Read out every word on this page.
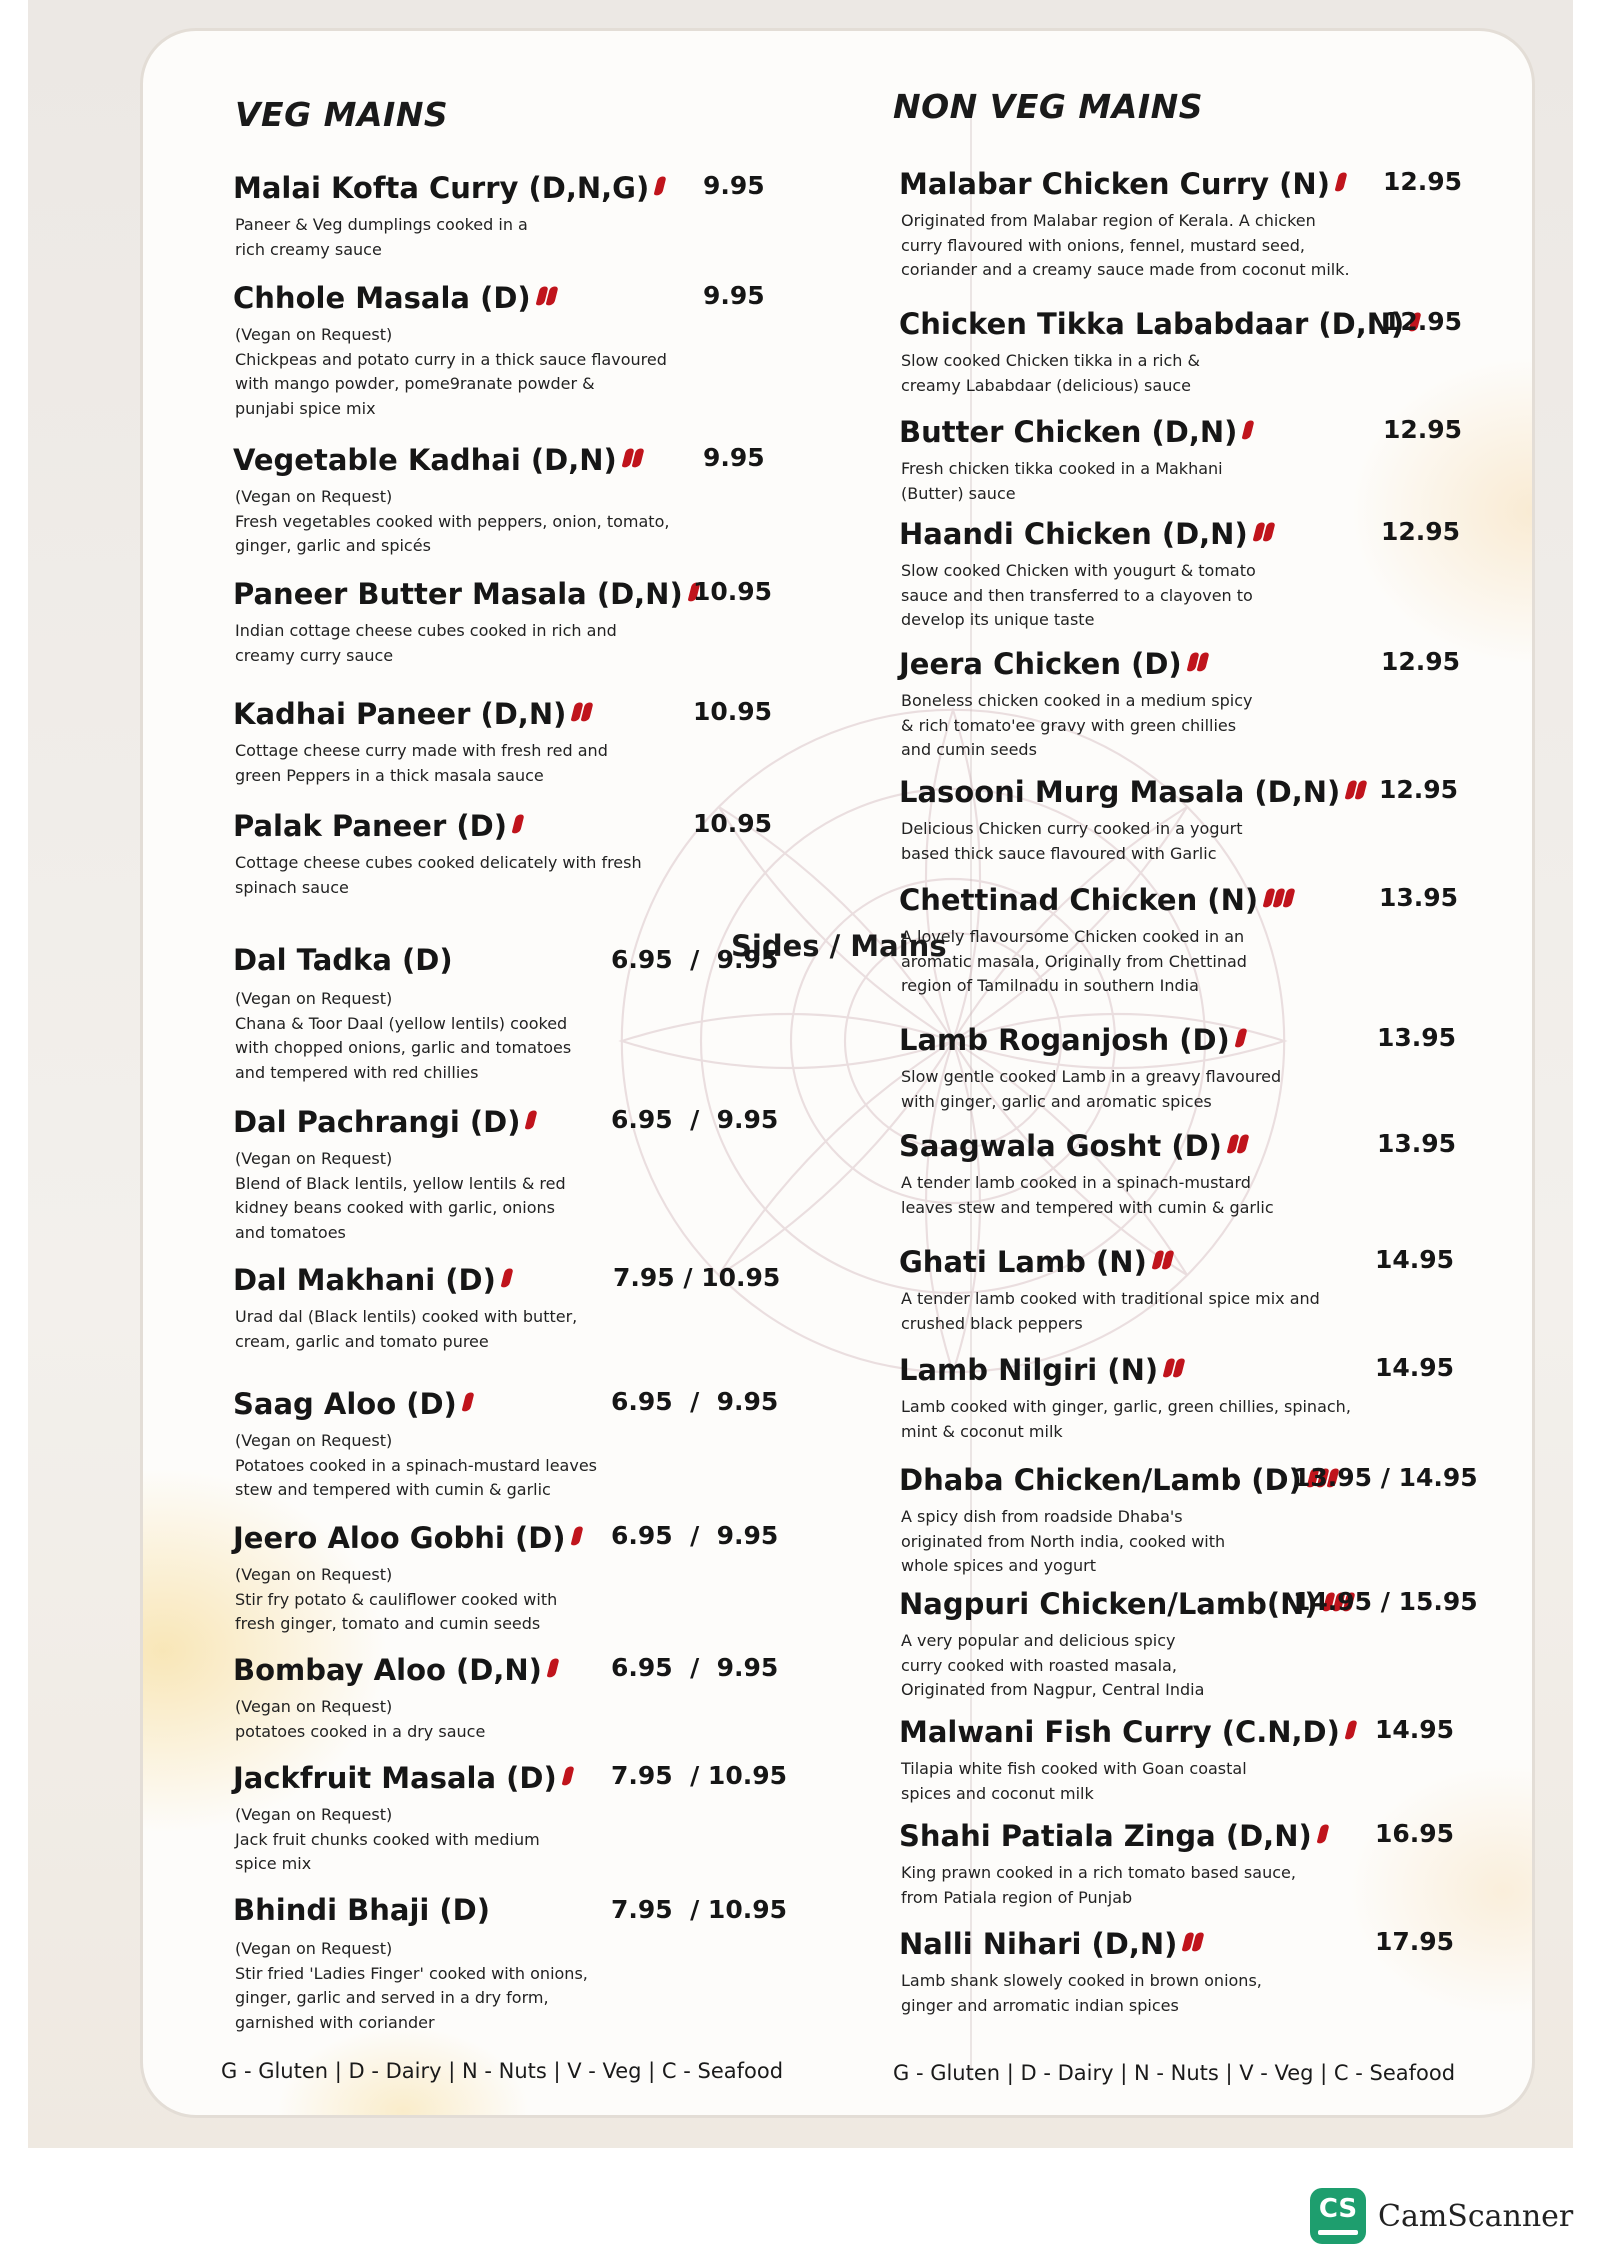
VEG MAINS	NON VEG MAINS
Sides / Mains
Malai Kofta Curry (D,N,G)	9.95
Paneer & Veg dumplings cooked in a
rich creamy sauce
Chhole Masala (D)	9.95
(Vegan on Request)
Chickpeas and potato curry in a thick sauce flavoured
with mango powder, pome9ranate powder &
punjabi spice mix
Vegetable Kadhai (D,N)	9.95
(Vegan on Request)
Fresh vegetables cooked with peppers, onion, tomato,
ginger, garlic and spicés
Paneer Butter Masala (D,N) 10.95
Indian cottage cheese cubes cooked in rich and
creamy curry sauce
Kadhai Paneer (D,N)	10.95
Cottage cheese curry made with fresh red and
green Peppers in a thick masala sauce
Palak Paneer (D)	10.95
Cottage cheese cubes cooked delicately with fresh
spinach sauce
Dal Tadka (D)	6.95  /  9.95
(Vegan on Request)
Chana & Toor Daal (yellow lentils) cooked
with chopped onions, garlic and tomatoes
and tempered with red chillies
Dal Pachrangi (D)	6.95  /  9.95
(Vegan on Request)
Blend of Black lentils, yellow lentils & red
kidney beans cooked with garlic, onions
and tomatoes
Dal Makhani (D)	7.95 / 10.95
Urad dal (Black lentils) cooked with butter,
cream, garlic and tomato puree
Saag Aloo (D)	6.95  /  9.95
(Vegan on Request)
Potatoes cooked in a spinach-mustard leaves
stew and tempered with cumin & garlic
Jeero Aloo Gobhi (D)	6.95  /  9.95
(Vegan on Request)
Stir fry potato & cauliflower cooked with
fresh ginger, tomato and cumin seeds
Bombay Aloo (D,N)	6.95  /  9.95
(Vegan on Request)
potatoes cooked in a dry sauce
Jackfruit Masala (D)	7.95  / 10.95
(Vegan on Request)
Jack fruit chunks cooked with medium
spice mix
Bhindi Bhaji (D)	7.95  / 10.95
(Vegan on Request)
Stir fried 'Ladies Finger' cooked with onions,
ginger, garlic and served in a dry form,
garnished with coriander
Malabar Chicken Curry (N)	12.95
Originated from Malabar region of Kerala. A chicken
curry flavoured with onions, fennel, mustard seed,
coriander and a creamy sauce made from coconut milk.
Chicken Tikka Lababdaar (D,N)
12.95
Slow cooked Chicken tikka in a rich &
creamy Lababdaar (delicious) sauce
Butter Chicken (D,N)	12.95
Fresh chicken tikka cooked in a Makhani
(Butter) sauce
Haandi Chicken (D,N)	12.95
Slow cooked Chicken with yougurt & tomato
sauce and then transferred to a clayoven to
develop its unique taste
Jeera Chicken (D)	12.95
Boneless chicken cooked in a medium spicy
& rich tomato'ee gravy with green chillies
and cumin seeds
Lasooni Murg Masala (D,N)	12.95
Delicious Chicken curry cooked in a yogurt
based thick sauce flavoured with Garlic
Chettinad Chicken (N)	13.95
A lovely flavoursome Chicken cooked in an
aromatic masala, Originally from Chettinad
region of Tamilnadu in southern India
Lamb Roganjosh (D)	13.95
Slow gentle cooked Lamb in a greavy flavoured
with ginger, garlic and aromatic spices
Saagwala Gosht (D)	13.95
A tender lamb cooked in a spinach-mustard
leaves stew and tempered with cumin & garlic
Ghati Lamb (N)	14.95
A tender lamb cooked with traditional spice mix and
crushed black peppers
Lamb Nilgiri (N)	14.95
Lamb cooked with ginger, garlic, green chillies, spinach,
mint & coconut milk
Dhaba Chicken/Lamb (D)
13.95 / 14.95
A spicy dish from roadside Dhaba's
originated from North india, cooked with
whole spices and yogurt
Nagpuri Chicken/Lamb(N)
14.95 / 15.95
A very popular and delicious spicy
curry cooked with roasted masala,
Originated from Nagpur, Central India
Malwani Fish Curry (C.N,D)	14.95
Tilapia white fish cooked with Goan coastal
spices and coconut milk
Shahi Patiala Zinga (D,N)	16.95
King prawn cooked in a rich tomato based sauce,
from Patiala region of Punjab
Nalli Nihari (D,N)	17.95
Lamb shank slowely cooked in brown onions,
ginger and arromatic indian spices
G - Gluten | D - Dairy | N - Nuts | V - Veg | C - Seafood	G - Gluten | D - Dairy | N - Nuts | V - Veg | C - Seafood
CS CamScanner
